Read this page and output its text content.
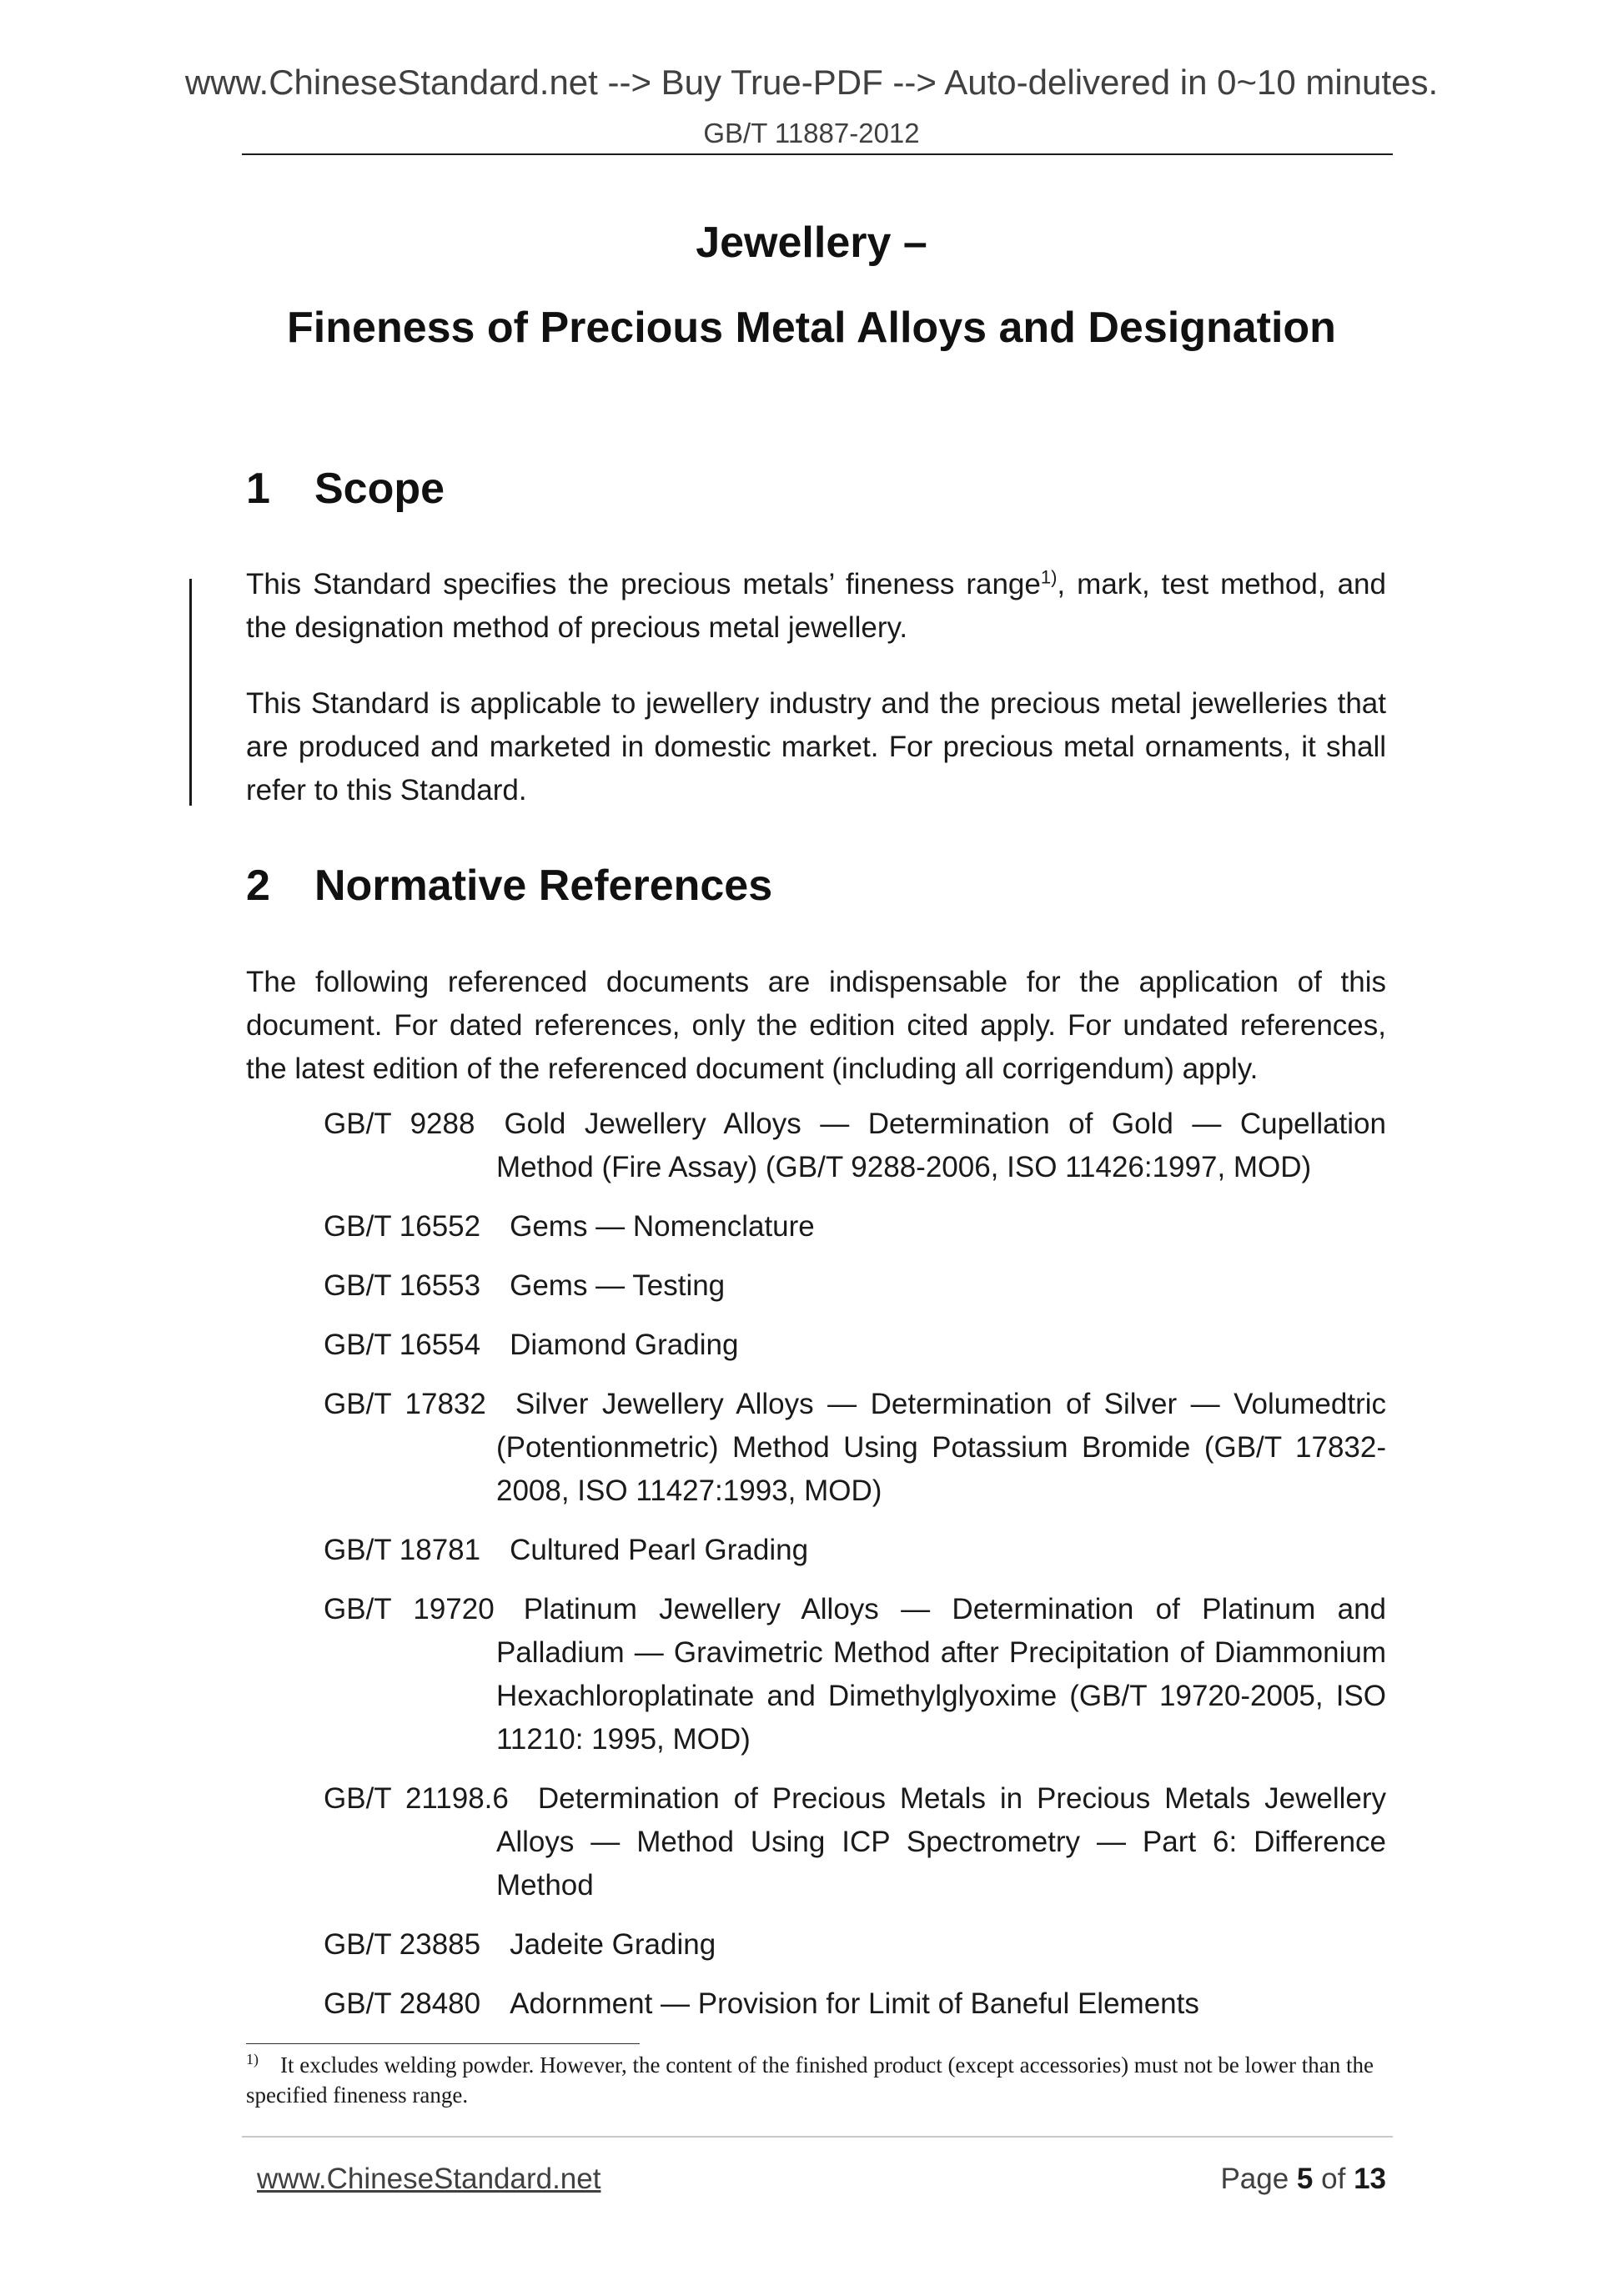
www.ChineseStandard.net --> Buy True-PDF --> Auto-delivered in 0~10 minutes.
GB/T 11887-2012
Jewellery –
Fineness of Precious Metal Alloys and Designation
1 Scope

This Standard specifies the precious metals’ fineness range$^{1)}$, mark, test method, and the designation method of precious metal jewellery.

This Standard is applicable to jewellery industry and the precious metal jewelleries that are produced and marketed in domestic market. For precious metal ornaments, it shall refer to this Standard.

2 Normative References

The following referenced documents are indispensable for the application of this document. For dated references, only the edition cited apply. For undated references, the latest edition of the referenced document (including all corrigendum) apply.

GB/T 9288 Gold Jewellery Alloys — Determination of Gold — Cupellation Method (Fire Assay) (GB/T 9288-2006, ISO 11426:1997, MOD)
GB/T 16552 Gems — Nomenclature
GB/T 16553 Gems — Testing
GB/T 16554 Diamond Grading
GB/T 17832 Silver Jewellery Alloys — Determination of Silver — Volumedtric (Potentionmetric) Method Using Potassium Bromide (GB/T 17832-2008, ISO 11427:1993, MOD)
GB/T 18781 Cultured Pearl Grading
GB/T 19720 Platinum Jewellery Alloys — Determination of Platinum and Palladium — Gravimetric Method after Precipitation of Diammonium Hexachloroplatinate and Dimethylglyoxime (GB/T 19720-2005, ISO 11210: 1995, MOD)
GB/T 21198.6 Determination of Precious Metals in Precious Metals Jewellery Alloys — Method Using ICP Spectrometry — Part 6: Difference Method
GB/T 23885 Jadeite Grading
GB/T 28480 Adornment — Provision for Limit of Baneful Elements
$^{1)}$ It excludes welding powder. However, the content of the finished product (except accessories) must not be lower than the specified fineness range.
www.ChineseStandard.net	Page 5 of 13
